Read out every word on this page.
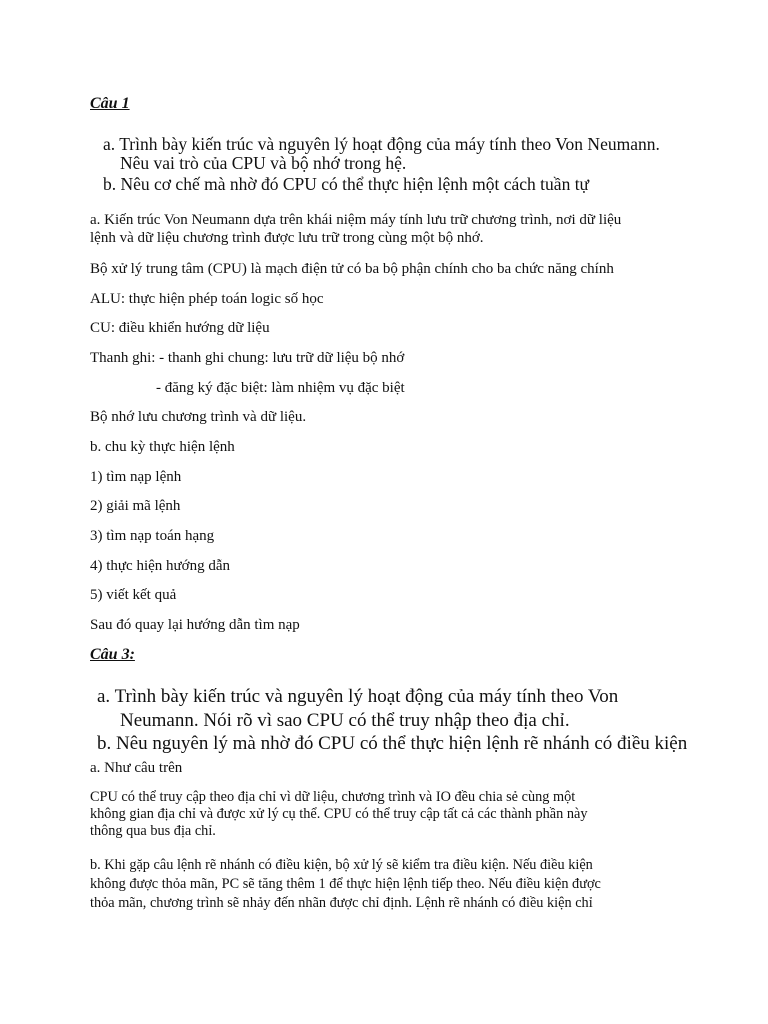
Câu 1
a. Trình bày kiến trúc và nguyên lý hoạt động của máy tính theo Von Neumann.
Nêu vai trò của CPU và bộ nhớ trong hệ.
b. Nêu cơ chế mà nhờ đó CPU có thể thực hiện lệnh một cách tuần tự
a. Kiến trúc Von Neumann dựa trên khái niệm máy tính lưu trữ chương trình, nơi dữ liệu
lệnh và dữ liệu chương trình được lưu trữ trong cùng một bộ nhớ.
Bộ xử lý trung tâm (CPU) là mạch điện tử có ba bộ phận chính cho ba chức năng chính
ALU: thực hiện phép toán logic số học
CU: điều khiển hướng dữ liệu
Thanh ghi: - thanh ghi chung: lưu trữ dữ liệu bộ nhớ
- đăng ký đặc biệt: làm nhiệm vụ đặc biệt
Bộ nhớ lưu chương trình và dữ liệu.
b. chu kỳ thực hiện lệnh
1) tìm nạp lệnh
2) giải mã lệnh
3) tìm nạp toán hạng
4) thực hiện hướng dẫn
5) viết kết quả
Sau đó quay lại hướng dẫn tìm nạp
Câu 3:
a. Trình bày kiến trúc và nguyên lý hoạt động của máy tính theo Von
Neumann. Nói rõ vì sao CPU có thể truy nhập theo địa chỉ.
b. Nêu nguyên lý mà nhờ đó CPU có thể thực hiện lệnh rẽ nhánh có điều kiện
a. Như câu trên
CPU có thể truy cập theo địa chỉ vì dữ liệu, chương trình và IO đều chia sẻ cùng một
không gian địa chỉ và được xử lý cụ thể. CPU có thể truy cập tất cả các thành phần này
thông qua bus địa chỉ.
b. Khi gặp câu lệnh rẽ nhánh có điều kiện, bộ xử lý sẽ kiểm tra điều kiện. Nếu điều kiện
không được thỏa mãn, PC sẽ tăng thêm 1 để thực hiện lệnh tiếp theo. Nếu điều kiện được
thỏa mãn, chương trình sẽ nhảy đến nhãn được chỉ định. Lệnh rẽ nhánh có điều kiện chỉ
